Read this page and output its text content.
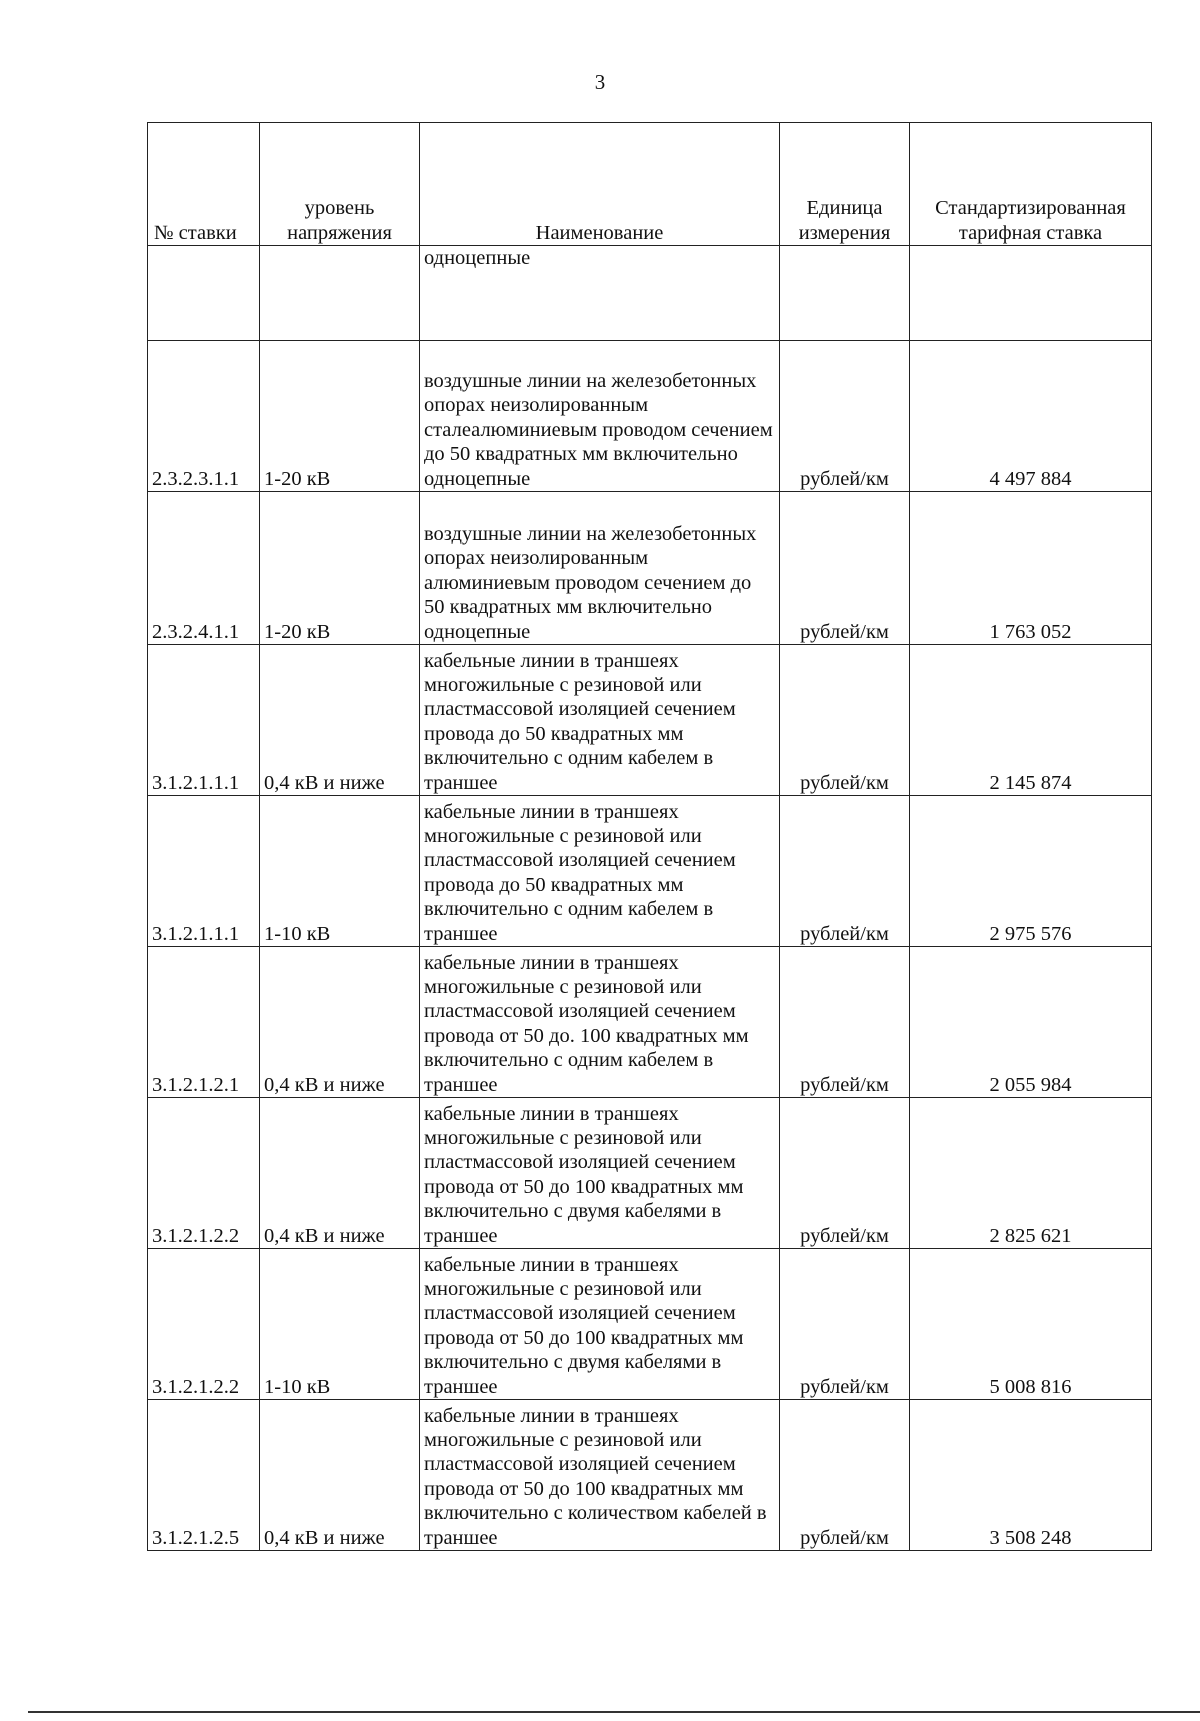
3
№ ставки	уровень напряжения	Наименование	Единица измерения	Стандартизированная тарифная ставка
		одноцепные		
2.3.2.3.1.1	1-20 кВ	воздушные линии на железобетонных опорах неизолированным сталеалюминиевым проводом сечением до 50 квадратных мм включительно одноцепные	рублей/км	4 497 884
2.3.2.4.1.1	1-20 кВ	воздушные линии на железобетонных опорах неизолированным алюминиевым проводом сечением до 50 квадратных мм включительно одноцепные	рублей/км	1 763 052
3.1.2.1.1.1	0,4 кВ и ниже	кабельные линии в траншеях многожильные с резиновой или пластмассовой изоляцией сечением провода до 50 квадратных мм включительно с одним кабелем в траншее	рублей/км	2 145 874
3.1.2.1.1.1	1-10 кВ	кабельные линии в траншеях многожильные с резиновой или пластмассовой изоляцией сечением провода до 50 квадратных мм включительно с одним кабелем в траншее	рублей/км	2 975 576
3.1.2.1.2.1	0,4 кВ и ниже	кабельные линии в траншеях многожильные с резиновой или пластмассовой изоляцией сечением провода от 50 до. 100 квадратных мм включительно с одним кабелем в траншее	рублей/км	2 055 984
3.1.2.1.2.2	0,4 кВ и ниже	кабельные линии в траншеях многожильные с резиновой или пластмассовой изоляцией сечением провода от 50 до 100 квадратных мм включительно с двумя кабелями в траншее	рублей/км	2 825 621
3.1.2.1.2.2	1-10 кВ	кабельные линии в траншеях многожильные с резиновой или пластмассовой изоляцией сечением провода от 50 до 100 квадратных мм включительно с двумя кабелями в траншее	рублей/км	5 008 816
3.1.2.1.2.5	0,4 кВ и ниже	кабельные линии в траншеях многожильные с резиновой или пластмассовой изоляцией сечением провода от 50 до 100 квадратных мм включительно с количеством кабелей в траншее	рублей/км	3 508 248
